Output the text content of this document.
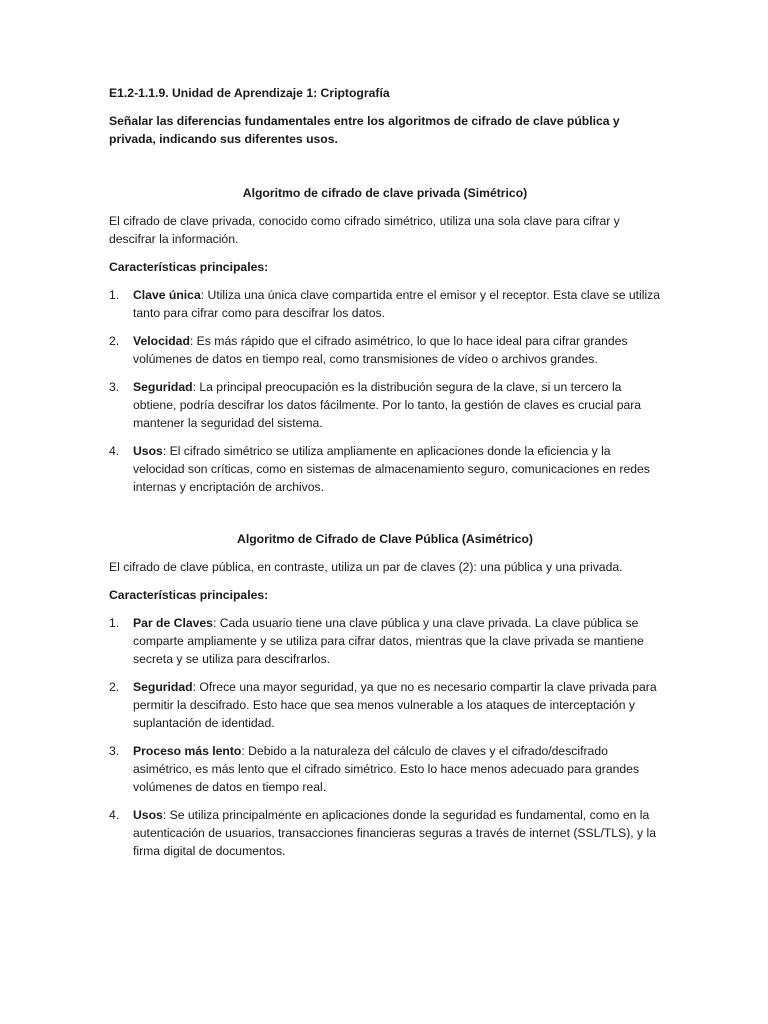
E1.2-1.1.9. Unidad de Aprendizaje 1: Criptografía

Señalar las diferencias fundamentales entre los algoritmos de cifrado de clave pública y privada, indicando sus diferentes usos.

Algoritmo de cifrado de clave privada (Simétrico)

El cifrado de clave privada, conocido como cifrado simétrico, utiliza una sola clave para cifrar y descifrar la información.

Características principales:

1. Clave única: Utiliza una única clave compartida entre el emisor y el receptor. Esta clave se utiliza tanto para cifrar como para descifrar los datos.
2. Velocidad: Es más rápido que el cifrado asimétrico, lo que lo hace ideal para cifrar grandes volúmenes de datos en tiempo real, como transmisiones de vídeo o archivos grandes.
3. Seguridad: La principal preocupación es la distribución segura de la clave, si un tercero la obtiene, podría descifrar los datos fácilmente. Por lo tanto, la gestión de claves es crucial para mantener la seguridad del sistema.
4. Usos: El cifrado simétrico se utiliza ampliamente en aplicaciones donde la eficiencia y la velocidad son críticas, como en sistemas de almacenamiento seguro, comunicaciones en redes internas y encriptación de archivos.

Algoritmo de Cifrado de Clave Pública (Asimétrico)

El cifrado de clave pública, en contraste, utiliza un par de claves (2): una pública y una privada.

Características principales:

1. Par de Claves: Cada usuario tiene una clave pública y una clave privada. La clave pública se comparte ampliamente y se utiliza para cifrar datos, mientras que la clave privada se mantiene secreta y se utiliza para descifrarlos.
2. Seguridad: Ofrece una mayor seguridad, ya que no es necesario compartir la clave privada para permitir la descifrado. Esto hace que sea menos vulnerable a los ataques de interceptación y suplantación de identidad.
3. Proceso más lento: Debido a la naturaleza del cálculo de claves y el cifrado/descifrado asimétrico, es más lento que el cifrado simétrico. Esto lo hace menos adecuado para grandes volúmenes de datos en tiempo real.
4. Usos: Se utiliza principalmente en aplicaciones donde la seguridad es fundamental, como en la autenticación de usuarios, transacciones financieras seguras a través de internet (SSL/TLS), y la firma digital de documentos.
